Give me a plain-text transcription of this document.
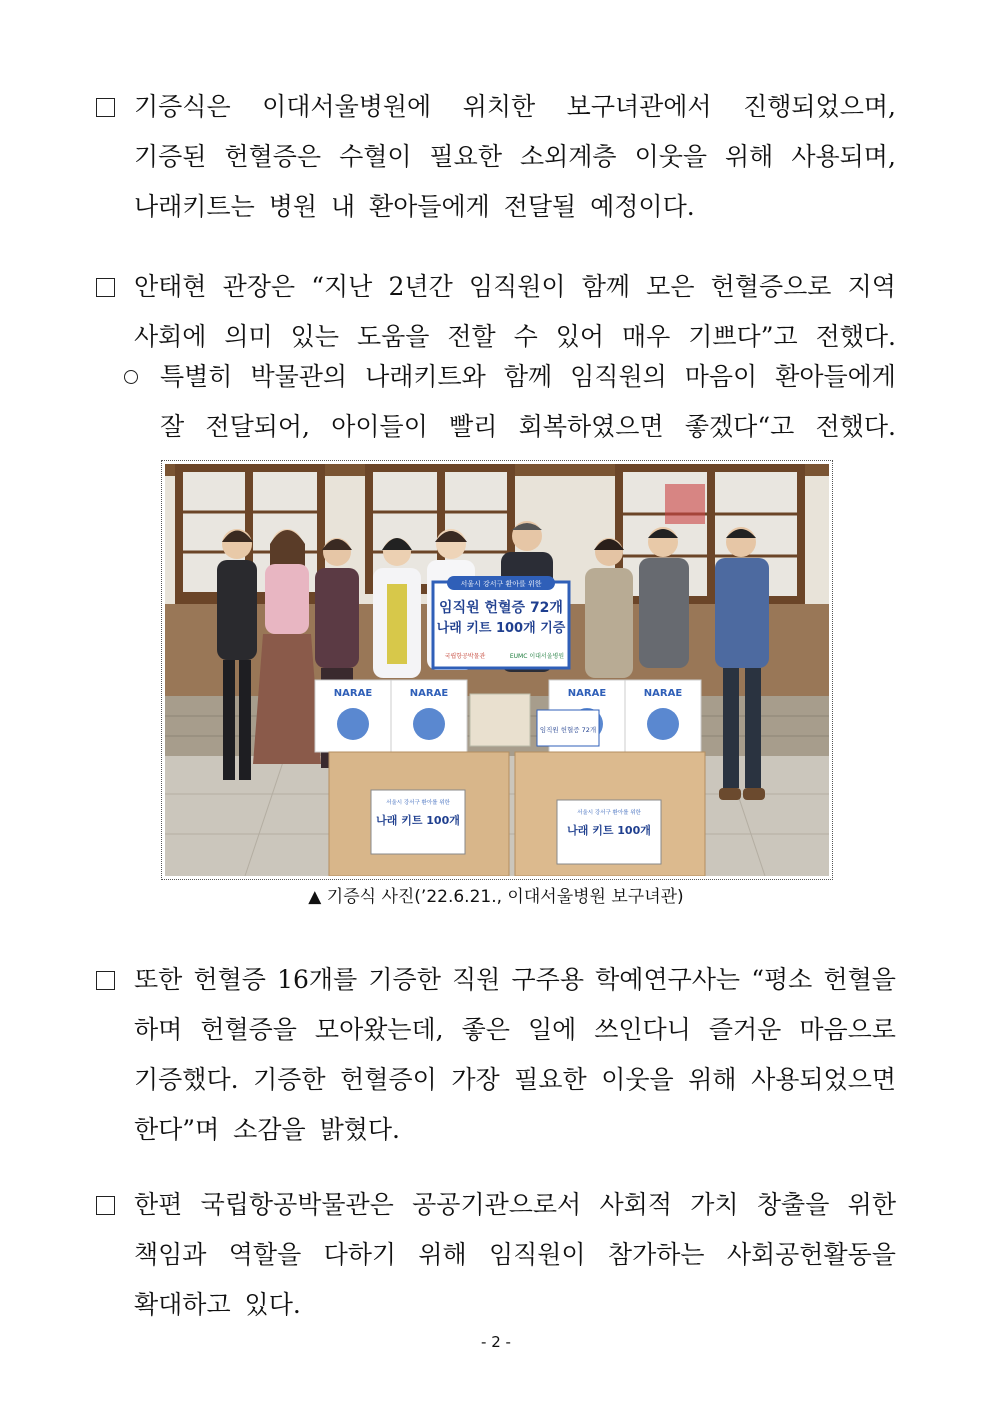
기증식은 이대서울병원에 위치한 보구녀관에서 진행되었으며,
기증된 헌혈증은 수혈이 필요한 소외계층 이웃을 위해 사용되며,
나래키트는 병원 내 환아들에게 전달될 예정이다.
안태현 관장은 “지난 2년간 임직원이 함께 모은 헌혈증으로 지역
사회에 의미 있는 도움을 전할 수 있어 매우 기쁘다”고 전했다.
특별히 박물관의 나래키트와 함께 임직원의 마음이 환아들에게
잘 전달되어, 아이들이 빨리 회복하였으면 좋겠다“고 전했다.
서울시 강서구 환아를 위한
임직원 헌혈증 72개
나래 키트 100개 기증
국립항공박물관	EUMC 이대서울병원
NARAE	NARAE	NARAE	NARAE
임직원 헌혈증 72개
서울시 강서구 환아를 위한
나래 키트 100개
서울시 강서구 환아를 위한
나래 키트 100개
▲ 기증식 사진(’22.6.21., 이대서울병원 보구녀관)
또한 헌혈증 16개를 기증한 직원 구주용 학예연구사는 “평소 헌혈을
하며 헌혈증을 모아왔는데, 좋은 일에 쓰인다니 즐거운 마음으로
기증했다. 기증한 헌혈증이 가장 필요한 이웃을 위해 사용되었으면
한다”며 소감을 밝혔다.
한편 국립항공박물관은 공공기관으로서 사회적 가치 창출을 위한
책임과 역할을 다하기 위해 임직원이 참가하는 사회공헌활동을
확대하고 있다.
- 2 -
